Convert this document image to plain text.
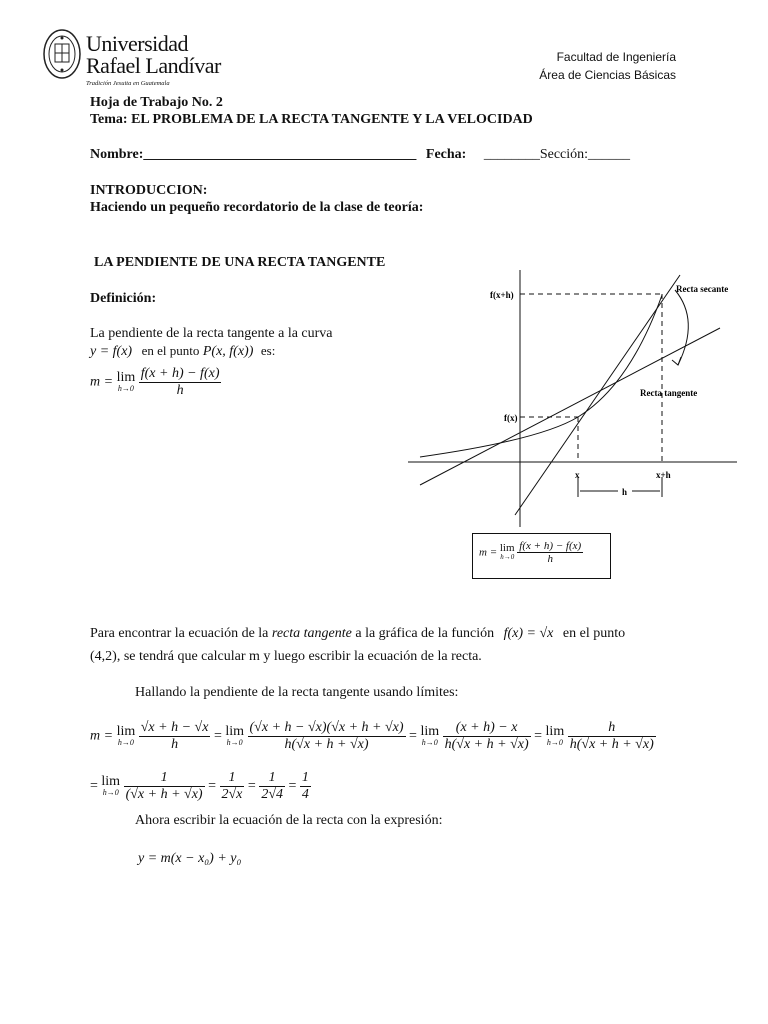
Universidad
Rafael Landívar
Tradición Jesuita en Guatemala
Facultad de Ingeniería
Área de Ciencias Básicas
Hoja de Trabajo No. 2
Tema: EL PROBLEMA DE LA RECTA TANGENTE Y LA VELOCIDAD
Nombre:_______________________________________ Fecha: ________Sección:______
INTRODUCCION:
Haciendo un pequeño recordatorio de la clase de teoría:
LA PENDIENTE DE UNA RECTA TANGENTE
Definición:
La pendiente de la recta tangente a la curva
y = f(x) en el punto P(x, f(x)) es:
m = lim
h→0
$\frac{f(x + h) - f(x)}{h}$
f(x+h)
f(x)
x	x+h
h
Recta secante
Recta tangente
m = lim
h→0
$\frac{f(x + h) - f(x)}{h}$
Para encontrar la ecuación de la recta tangente a la gráfica de la función f(x) = √x en el punto
(4,2), se tendrá que calcular m y luego escribir la ecuación de la recta.
Hallando la pendiente de la recta tangente usando límites:
m = lim
h→0
$\frac{√x + h - √x}{h} = \lim$
h→0
$\frac{(√x + h - √x)(√x + h + √x)}{h(√x + h + √x)} = \lim$
h→0
$\frac{(x + h) - x}{h(√x + h + √x)} = \lim$
h→0
$\frac{h}{h(√x + h + √x)}$
= lim
h→0
$\frac{1}{(√x + h + √x)} = \frac{1}{2√x} = \frac{1}{2√4} = \frac{1}{4}$
Ahora escribir la ecuación de la recta con la expresión:
y = m(x − x₀) + y₀
